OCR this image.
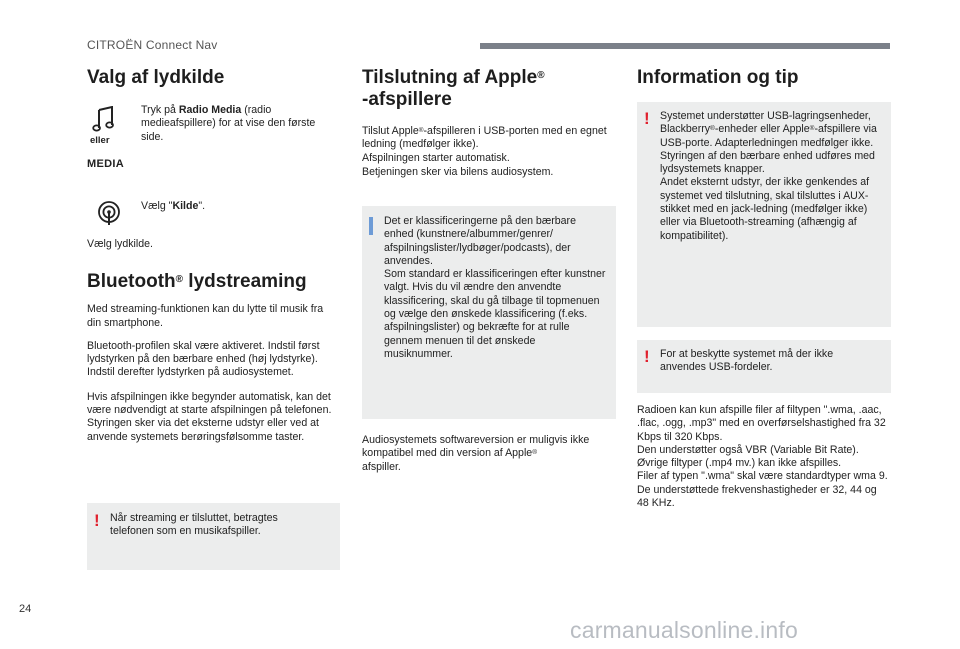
CITROËN Connect Nav
Valg af lydkilde
eller
MEDIA

Tryk på Radio Media (radio medieafspillere) for at vise den første side.

Vælg "Kilde".

Vælg lydkilde.

Bluetooth® lydstreaming

Med streaming-funktionen kan du lytte til musik fra din smartphone.

Bluetooth-profilen skal være aktiveret. Indstil først lydstyrken på den bærbare enhed (høj lydstyrke).

Indstil derefter lydstyrken på audiosystemet.

Hvis afspilningen ikke begynder automatisk, kan det være nødvendigt at starte afspilningen på telefonen.

Styringen sker via det eksterne udstyr eller ved at anvende systemets berøringsfølsomme taster.

! Når streaming er tilsluttet, betragtes telefonen som en musikafspiller.

Tilslutning af Apple®
-afspillere

Tilslut Apple®-afspilleren i USB-porten med en egnet ledning (medfølger ikke).

Afspilningen starter automatisk.

Betjeningen sker via bilens audiosystem.

Det er klassificeringerne på den bærbare enhed (kunstnere/albummer/genrer/ afspilningslister/lydbøger/podcasts), der anvendes.
Som standard er klassificeringen efter kunstner valgt. Hvis du vil ændre den anvendte klassificering, skal du gå tilbage til topmenuen og vælge den ønskede klassificering (f.eks. afspilningslister) og bekræfte for at rulle gennem menuen til det ønskede musiknummer.

Audiosystemets softwareversion er muligvis ikke kompatibel med din version af Apple®
afspiller.

Information og tip
! Systemet understøtter USB-lagringsenheder, Blackberry®-enheder eller Apple®-afspillere via USB-porte. Adapterledningen medfølger ikke.
Styringen af den bærbare enhed udføres med lydsystemets knapper.
Andet eksternt udstyr, der ikke genkendes af systemet ved tilslutning, skal tilsluttes i AUX-stikket med en jack-ledning (medfølger ikke) eller via Bluetooth-streaming (afhængig af kompatibilitet).

! For at beskytte systemet må der ikke anvendes USB-fordeler.

Radioen kan kun afspille filer af filtypen ".wma, .aac, .flac, .ogg, .mp3" med en overførselshastighed fra 32 Kbps til 320 Kbps.

Den understøtter også VBR (Variable Bit Rate).

Øvrige filtyper (.mp4 mv.) kan ikke afspilles.

Filer af typen ".wma" skal være standardtyper wma 9.

De understøttede frekvenshastigheder er 32, 44 og 48 KHz.

24
carmanualsonline.info
